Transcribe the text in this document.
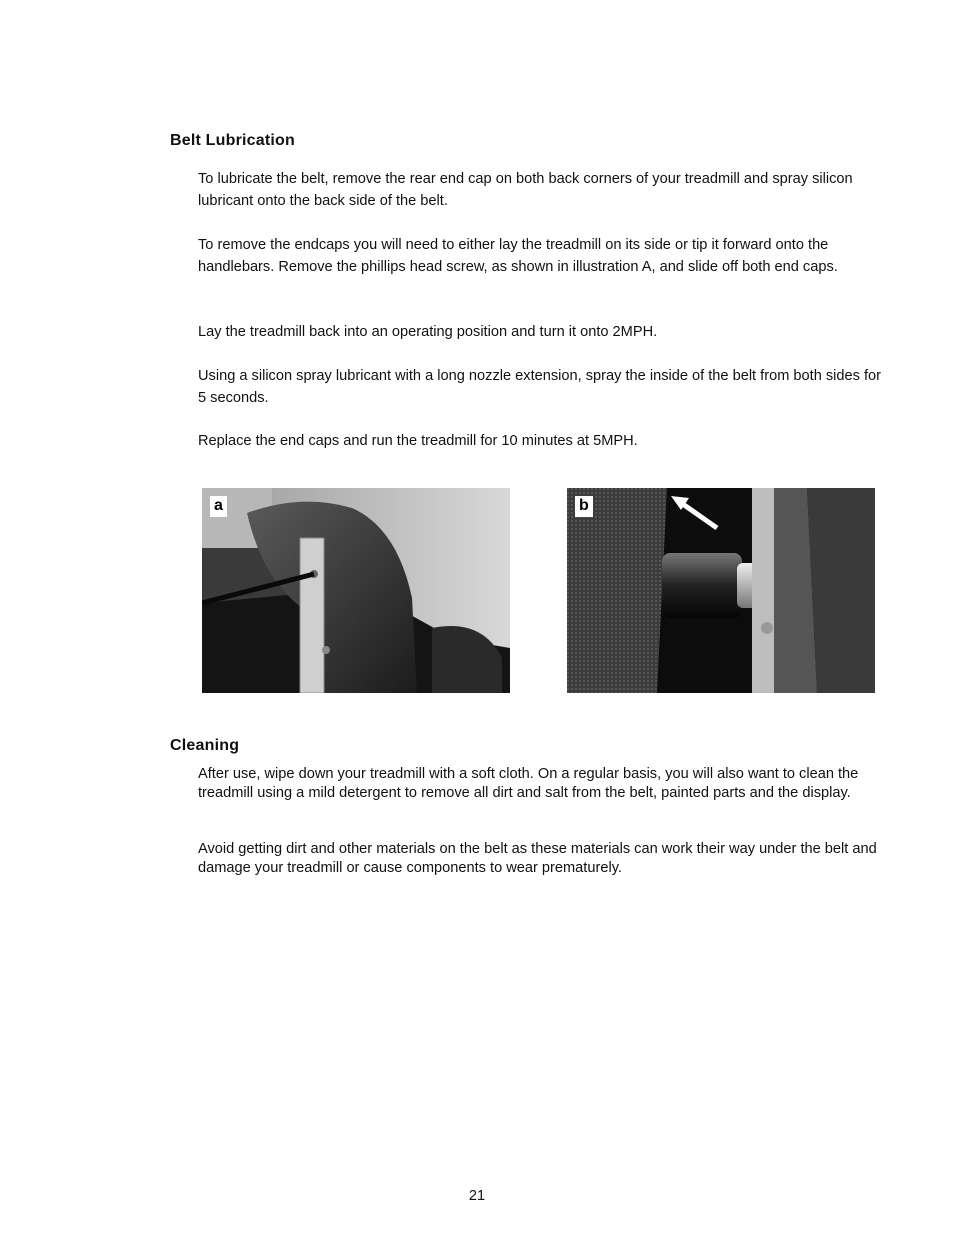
Belt Lubrication
To lubricate the belt, remove the rear end cap on both back corners of your treadmill and spray silicon lubricant onto the back side of the belt.
To remove the endcaps you will need to either lay the treadmill on its side or tip it forward onto the handlebars. Remove the phillips head screw, as shown in illustration A, and slide off both end caps.
Lay the treadmill back into an operating position and turn it onto 2MPH.
Using a silicon spray lubricant with a long nozzle extension, spray the inside of the belt from both sides for 5 seconds.
Replace the end caps and run the treadmill for 10 minutes at 5MPH.
a	b
Cleaning
After use, wipe down your treadmill with a soft cloth. On a regular basis, you will also want to clean the treadmill using a mild detergent to remove all dirt and salt from the belt, painted parts and the display.
Avoid getting dirt and other materials on the belt as these materials can work their way under the belt and damage your treadmill or cause components to wear prematurely.
21
